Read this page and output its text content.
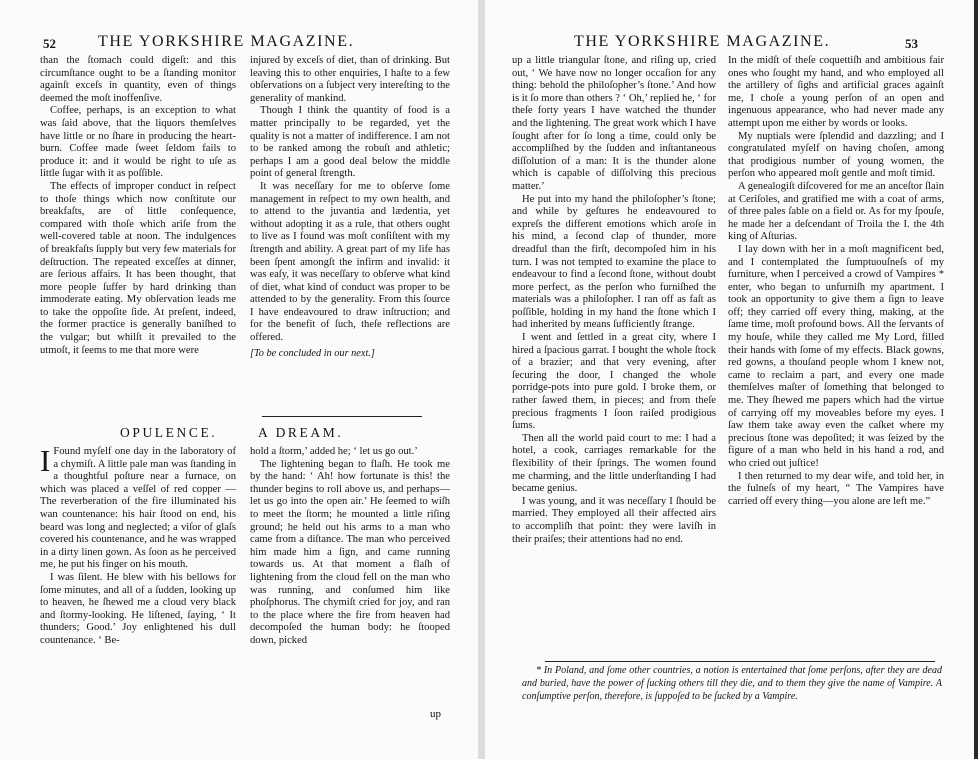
52	THE YORKSHIRE MAGAZINE.

than the ſtomach could digeſt: and this circumſtance ought to be a ſtanding monitor againſt exceſs in quantity, even of things deemed the moſt inoffenſive.

Coffee, perhaps, is an exception to what was ſaid above, that the liquors themſelves have little or no ſhare in producing the heart-burn. Coffee made ſweet ſeldom fails to produce it: and it would be right to uſe as little ſugar with it as poſſible.

The effects of improper conduct in reſpect to thoſe things which now conſtitute our breakfaſts, are of little conſequence, compared with thoſe which ariſe from the well-covered table at noon. The indulgences of breakfaſts ſupply but very few materials for deſtruction. The repeated exceſſes at dinner, are ſerious affairs. It has been thought, that more people ſuffer by hard drinking than immoderate eating. My obſervation leads me to take the oppoſite ſide. At preſent, indeed, the former practice is generally baniſhed to the vulgar; but whilſt it prevailed to the utmoſt, it ſeems to me that more were

injured by exceſs of diet, than of drinking. But leaving this to other enquiries, I haſte to a few obſervations on a ſubject very intereſting to the generality of mankind.

Though I think the quantity of food is a matter principally to be regarded, yet the quality is not a matter of indifference. I am not to be ranked among the robuſt and athletic; perhaps I am a good deal below the middle point of general ſtrength.

It was neceſſary for me to obſerve ſome management in reſpect to my own health, and to attend to the juvantia and lædentia, yet without adopting it as a rule, that others ought to live as I found was moſt conſiſtent with my ſtrength and ability. A great part of my life has been ſpent amongſt the infirm and invalid: it was eaſy, it was neceſſary to obſerve what kind of diet, what kind of conduct was proper to be attended to by the generality. From this ſource I have endeavoured to draw inſtruction; and for the benefit of ſuch, theſe reflections are offered.

[To be concluded in our next.]

OPULENCE.	A DREAM.

I Found myſelf one day in the laboratory of a chymiſt. A little pale man was ſtanding in a thoughtful poſture near a furnace, on which was placed a veſſel of red copper — The reverberation of the fire illuminated his wan countenance: his hair ſtood on end, his beard was long and neglected; a viſor of glaſs covered his countenance, and he was wrapped in a dirty linen gown. As ſoon as he perceived me, he put his finger on his mouth.

I was ſilent. He blew with his bellows for ſome minutes, and all of a ſudden, looking up to heaven, he ſhewed me a cloud very black and ſtormy-looking. He liſtened, ſaying, ‘ It thunders; Good.’ Joy enlightened his dull countenance. ‘ Be-

hold a ſtorm,’ added he; ‘ let us go out.’

The lightening began to flaſh. He took me by the hand: ‘ Ah! how fortunate is this! the thunder begins to roll above us, and perhaps—let us go into the open air.’ He ſeemed to wiſh to meet the ſtorm; he mounted a little riſing ground; he held out his arms to a man who came from a diſtance. The man who perceived him made him a ſign, and came running towards us. At that moment a flaſh of lightening from the cloud fell on the man who was running, and conſumed him like phoſphorus. The chymiſt cried for joy, and ran to the place where the fire from heaven had decompoſed the human body: he ſtooped down, picked

up
THE YORKSHIRE MAGAZINE.	53

up a little triangular ſtone, and riſing up, cried out, ‘ We have now no longer occaſion for any thing: behold the philoſopher’s ſtone.’ And how is it ſo more than others ? ‘ Oh,’ replied he, ‘ for theſe forty years I have watched the thunder and the lightening. The great work which I have ſought after for ſo long a time, could only be accompliſhed by the ſudden and inſtantaneous diſſolution of a man: It is the thunder alone which is capable of diſſolving this precious matter.’

He put into my hand the philoſopher’s ſtone; and while by geſtures he endeavoured to expreſs the different emotions which aroſe in his mind, a ſecond clap of thunder, more dreadful than the firſt, decompoſed him in his turn. I was not tempted to examine the place to endeavour to find a ſecond ſtone, without doubt more perfect, as the perſon who furniſhed the materials was a philoſopher. I ran off as faſt as poſſible, holding in my hand the ſtone which I had inherited by means ſufficiently ſtrange.

I went and ſettled in a great city, where I hired a ſpacious garrat. I bought the whole ſtock of a brazier; and that very evening, after ſecuring the door, I changed the whole porridge-pots into pure gold. I broke them, or rather ſawed them, in pieces; and from theſe precious fragments I ſoon raiſed prodigious ſums.

Then all the world paid court to me: I had a hotel, a cook, carriages remarkable for the flexibility of their ſprings. The women found me charming, and the little underſtanding I had became genius.

I was young, and it was neceſſary I ſhould be married. They employed all their affected airs to accompliſh that point: they were laviſh in their praiſes; their attentions had no end.

In the midſt of theſe coquettiſh and ambitious fair ones who ſought my hand, and who employed all the artillery of ſighs and artificial graces againſt me, I choſe a young perſon of an open and ingenuous appearance, who had never made any attempt upon me either by words or looks.

My nuptials were ſplendid and dazzling; and I congratulated myſelf on having choſen, among that prodigious number of young women, the perſon who appeared moſt gentle and moſt timid.

A genealogiſt diſcovered for me an anceſtor ſlain at Ceriſoles, and gratified me with a coat of arms, of three pales ſable on a field or. As for my ſpouſe, he made her a deſcendant of Troila the I. the 4th king of Aſturias.

I lay down with her in a moſt magnificent bed, and I contemplated the ſumptuouſneſs of my furniture, when I perceived a crowd of Vampires * enter, who began to unfurniſh my apartment. I took an opportunity to give them a ſign to leave off; they carried off every thing, making, at the ſame time, moſt profound bows. All the ſervants of my houſe, while they called me My Lord, filled their hands with ſome of my effects. Black gowns, red gowns, a thouſand people whom I knew not, came to reclaim a part, and every one made themſelves maſter of ſomething that belonged to me. They ſhewed me papers which had the virtue of carrying off my moveables before my eyes. I ſaw them take away even the caſket where my precious ſtone was depoſited; it was ſeized by the figure of a man who held in his hand a rod, and who cried out juſtice!

I then returned to my dear wife, and told her, in the fulneſs of my heart, “ The Vampires have carried off every thing—you alone are left me.”

* In Poland, and ſome other countries, a notion is entertained that ſome perſons, after they are dead and buried, have the power of ſucking others till they die, and to them they give the name of Vampire. A conſumptive perſon, therefore, is ſuppoſed to be ſucked by a Vampire.
